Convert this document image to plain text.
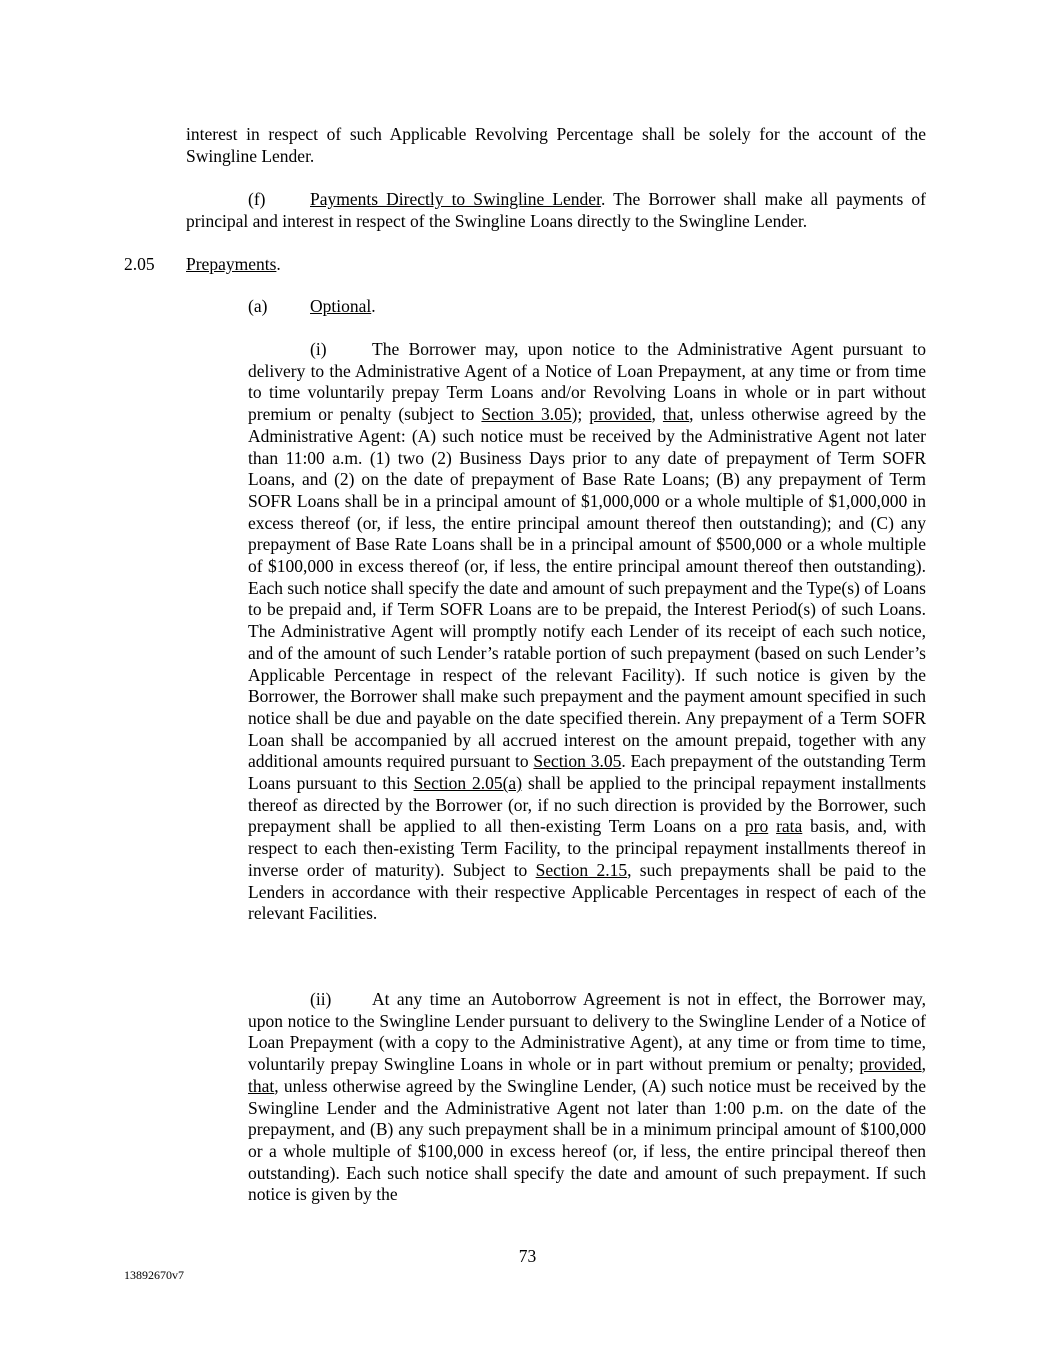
interest in respect of such Applicable Revolving Percentage shall be solely for the account of the Swingline Lender.

(f)	Payments Directly to Swingline Lender. The Borrower shall make all payments of principal and interest in respect of the Swingline Loans directly to the Swingline Lender.

2.05 Prepayments.

(a) Optional.

(i)	The Borrower may, upon notice to the Administrative Agent pursuant to delivery to the Administrative Agent of a Notice of Loan Prepayment, at any time or from time to time voluntarily prepay Term Loans and/or Revolving Loans in whole or in part without premium or penalty (subject to Section 3.05); provided, that, unless otherwise agreed by the Administrative Agent: (A) such notice must be received by the Administrative Agent not later than 11:00 a.m. (1) two (2) Business Days prior to any date of prepayment of Term SOFR Loans, and (2) on the date of prepayment of Base Rate Loans; (B) any prepayment of Term SOFR Loans shall be in a principal amount of $1,000,000 or a whole multiple of $1,000,000 in excess thereof (or, if less, the entire principal amount thereof then outstanding); and (C) any prepayment of Base Rate Loans shall be in a principal amount of $500,000 or a whole multiple of $100,000 in excess thereof (or, if less, the entire principal amount thereof then outstanding). Each such notice shall specify the date and amount of such prepayment and the Type(s) of Loans to be prepaid and, if Term SOFR Loans are to be prepaid, the Interest Period(s) of such Loans. The Administrative Agent will promptly notify each Lender of its receipt of each such notice, and of the amount of such Lender’s ratable portion of such prepayment (based on such Lender’s Applicable Percentage in respect of the relevant Facility). If such notice is given by the Borrower, the Borrower shall make such prepayment and the payment amount specified in such notice shall be due and payable on the date specified therein. Any prepayment of a Term SOFR Loan shall be accompanied by all accrued interest on the amount prepaid, together with any additional amounts required pursuant to Section 3.05. Each prepayment of the outstanding Term Loans pursuant to this Section 2.05(a) shall be applied to the principal repayment installments thereof as directed by the Borrower (or, if no such direction is provided by the Borrower, such prepayment shall be applied to all then-existing Term Loans on a pro rata basis, and, with respect to each then-existing Term Facility, to the principal repayment installments thereof in inverse order of maturity). Subject to Section 2.15, such prepayments shall be paid to the Lenders in accordance with their respective Applicable Percentages in respect of each of the relevant Facilities.

(ii) At any time an Autoborrow Agreement is not in effect, the Borrower may, upon notice to the Swingline Lender pursuant to delivery to the Swingline Lender of a Notice of Loan Prepayment (with a copy to the Administrative Agent), at any time or from time to time, voluntarily prepay Swingline Loans in whole or in part without premium or penalty; provided, that, unless otherwise agreed by the Swingline Lender, (A) such notice must be received by the Swingline Lender and the Administrative Agent not later than 1:00 p.m. on the date of the prepayment, and (B) any such prepayment shall be in a minimum principal amount of $100,000 or a whole multiple of $100,000 in excess hereof (or, if less, the entire principal thereof then outstanding). Each such notice shall specify the date and amount of such prepayment. If such notice is given by the

73
13892670v7
